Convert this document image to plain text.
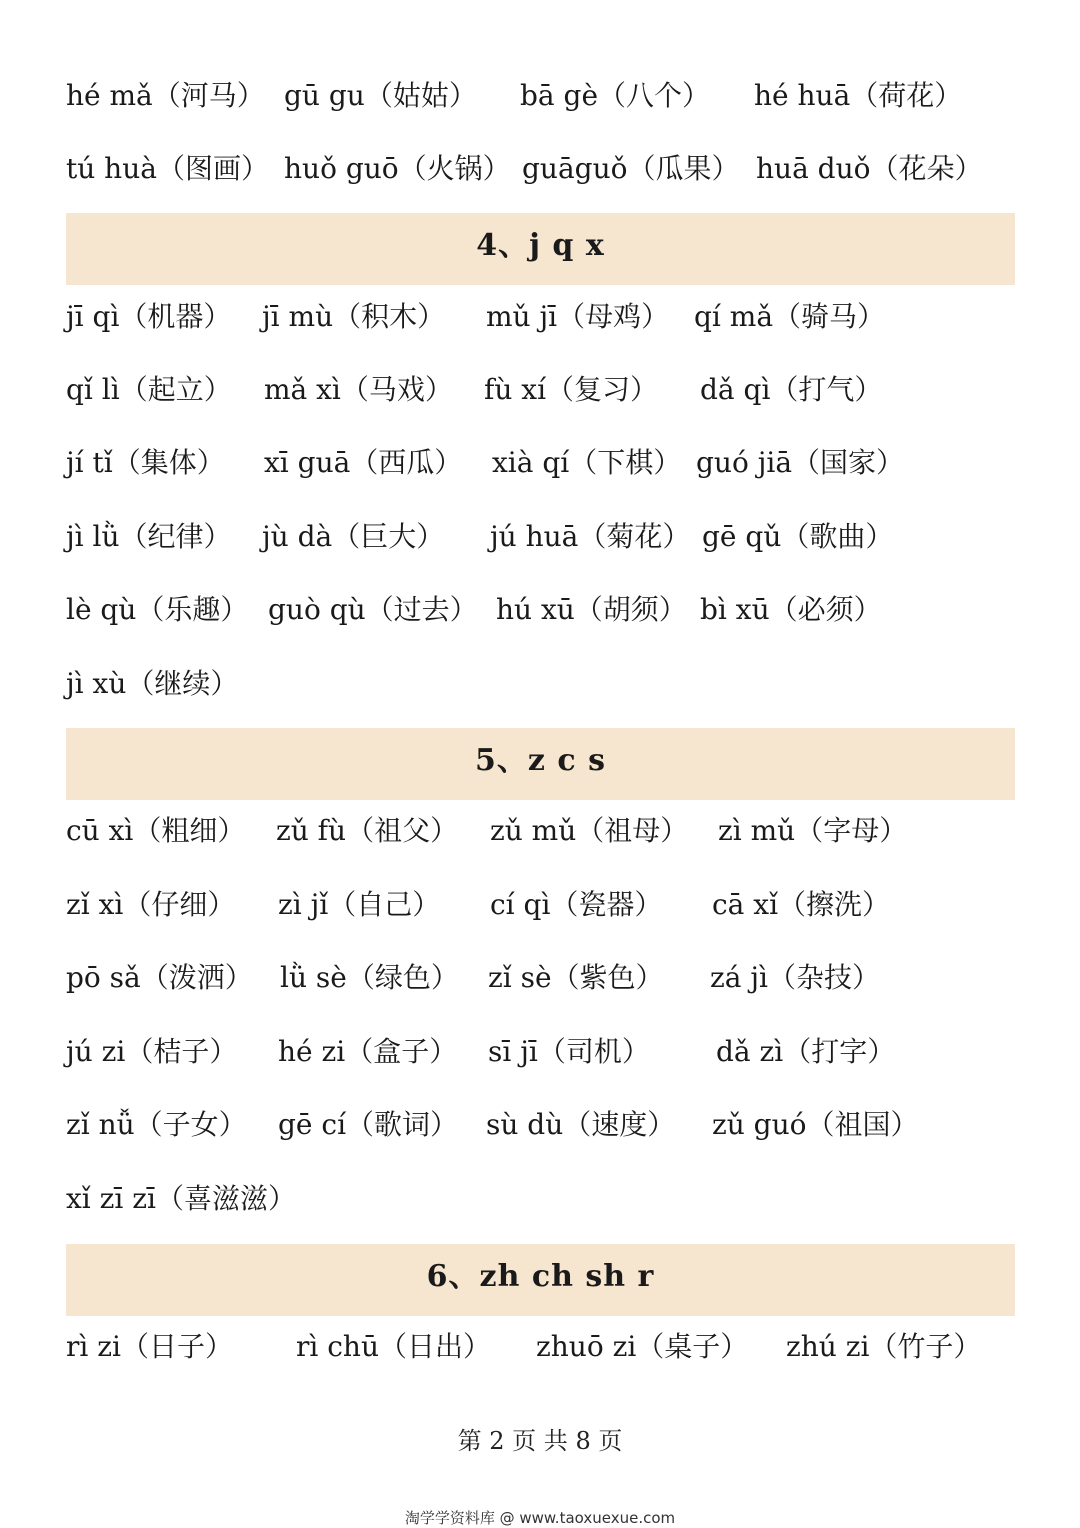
hé mǎ（河马） gū gu（姑姑） bā gè（八个） hé huā（荷花）
tú huà（图画） huǒ guō（火锅） guāguǒ（瓜果） huā duǒ（花朵）
4、j q x
jī qì（机器） jī mù（积木） mǔ jī（母鸡） qí mǎ（骑马）
qǐ lì（起立） mǎ xì（马戏） fù xí（复习） dǎ qì（打气）
jí tǐ（集体） xī guā（西瓜） xià qí（下棋） guó jiā（国家）
jì lǜ（纪律） jù dà（巨大） jú huā（菊花） gē qǔ（歌曲）
lè qù（乐趣） guò qù（过去） hú xū（胡须） bì xū（必须）
jì xù（继续）
5、z c s
cū xì（粗细） zǔ fù（祖父） zǔ mǔ（祖母） zì mǔ（字母）
zǐ xì（仔细） zì jǐ（自己） cí qì（瓷器） cā xǐ（擦洗）
pō sǎ（泼洒） lǜ sè（绿色） zǐ sè（紫色） zá jì（杂技）
jú zi（桔子） hé zi（盒子） sī jī（司机） dǎ zì（打字）
zǐ nǚ（子女） gē cí（歌词） sù dù（速度） zǔ guó（祖国）
xǐ zī zī（喜滋滋）
6、zh ch sh r
rì zi（日子） rì chū（日出） zhuō zi（桌子） zhú zi（竹子）
第 2 页 共 8 页
淘学学资料库 @ www.taoxuexue.com
